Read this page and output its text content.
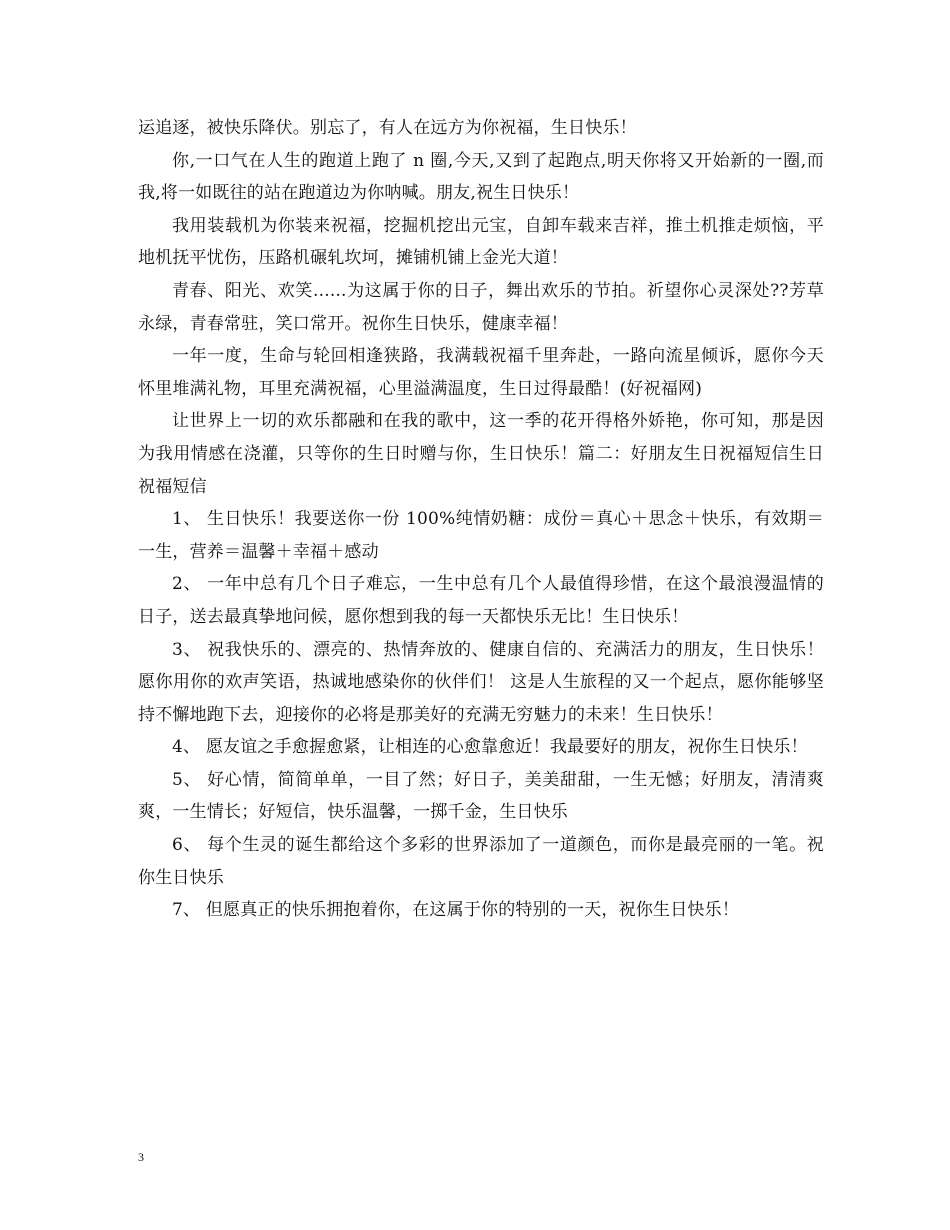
运追逐，被快乐降伏。别忘了，有人在远方为你祝福，生日快乐！

你,一口气在人生的跑道上跑了 n 圈,今天,又到了起跑点,明天你将又开始新的一圈,而我,将一如既往的站在跑道边为你呐喊。朋友,祝生日快乐！

我用装载机为你装来祝福，挖掘机挖出元宝，自卸车载来吉祥，推土机推走烦恼，平地机抚平忧伤，压路机碾轧坎坷，摊铺机铺上金光大道！

青春、阳光、欢笑......为这属于你的日子，舞出欢乐的节拍。祈望你心灵深处??芳草永绿，青春常驻，笑口常开。祝你生日快乐，健康幸福！

一年一度，生命与轮回相逢狭路，我满载祝福千里奔赴，一路向流星倾诉，愿你今天怀里堆满礼物，耳里充满祝福，心里溢满温度，生日过得最酷！(好祝福网)

让世界上一切的欢乐都融和在我的歌中，这一季的花开得格外娇艳，你可知，那是因为我用情感在浇灌，只等你的生日时赠与你，生日快乐！篇二：好朋友生日祝福短信生日祝福短信

1、 生日快乐！我要送你一份 100%纯情奶糖：成份＝真心＋思念＋快乐，有效期＝一生，营养＝温馨＋幸福＋感动

2、 一年中总有几个日子难忘，一生中总有几个人最值得珍惜，在这个最浪漫温情的日子，送去最真挚地问候，愿你想到我的每一天都快乐无比！生日快乐！

3、 祝我快乐的、漂亮的、热情奔放的、健康自信的、充满活力的朋友，生日快乐！愿你用你的欢声笑语，热诚地感染你的伙伴们！ 这是人生旅程的又一个起点，愿你能够坚持不懈地跑下去，迎接你的必将是那美好的充满无穷魅力的未来！生日快乐！

4、 愿友谊之手愈握愈紧，让相连的心愈靠愈近！我最要好的朋友，祝你生日快乐！

5、 好心情，简简单单，一目了然；好日子，美美甜甜，一生无憾；好朋友，清清爽爽，一生情长；好短信，快乐温馨，一掷千金，生日快乐

6、 每个生灵的诞生都给这个多彩的世界添加了一道颜色，而你是最亮丽的一笔。祝你生日快乐

7、 但愿真正的快乐拥抱着你，在这属于你的特别的一天，祝你生日快乐！

3
